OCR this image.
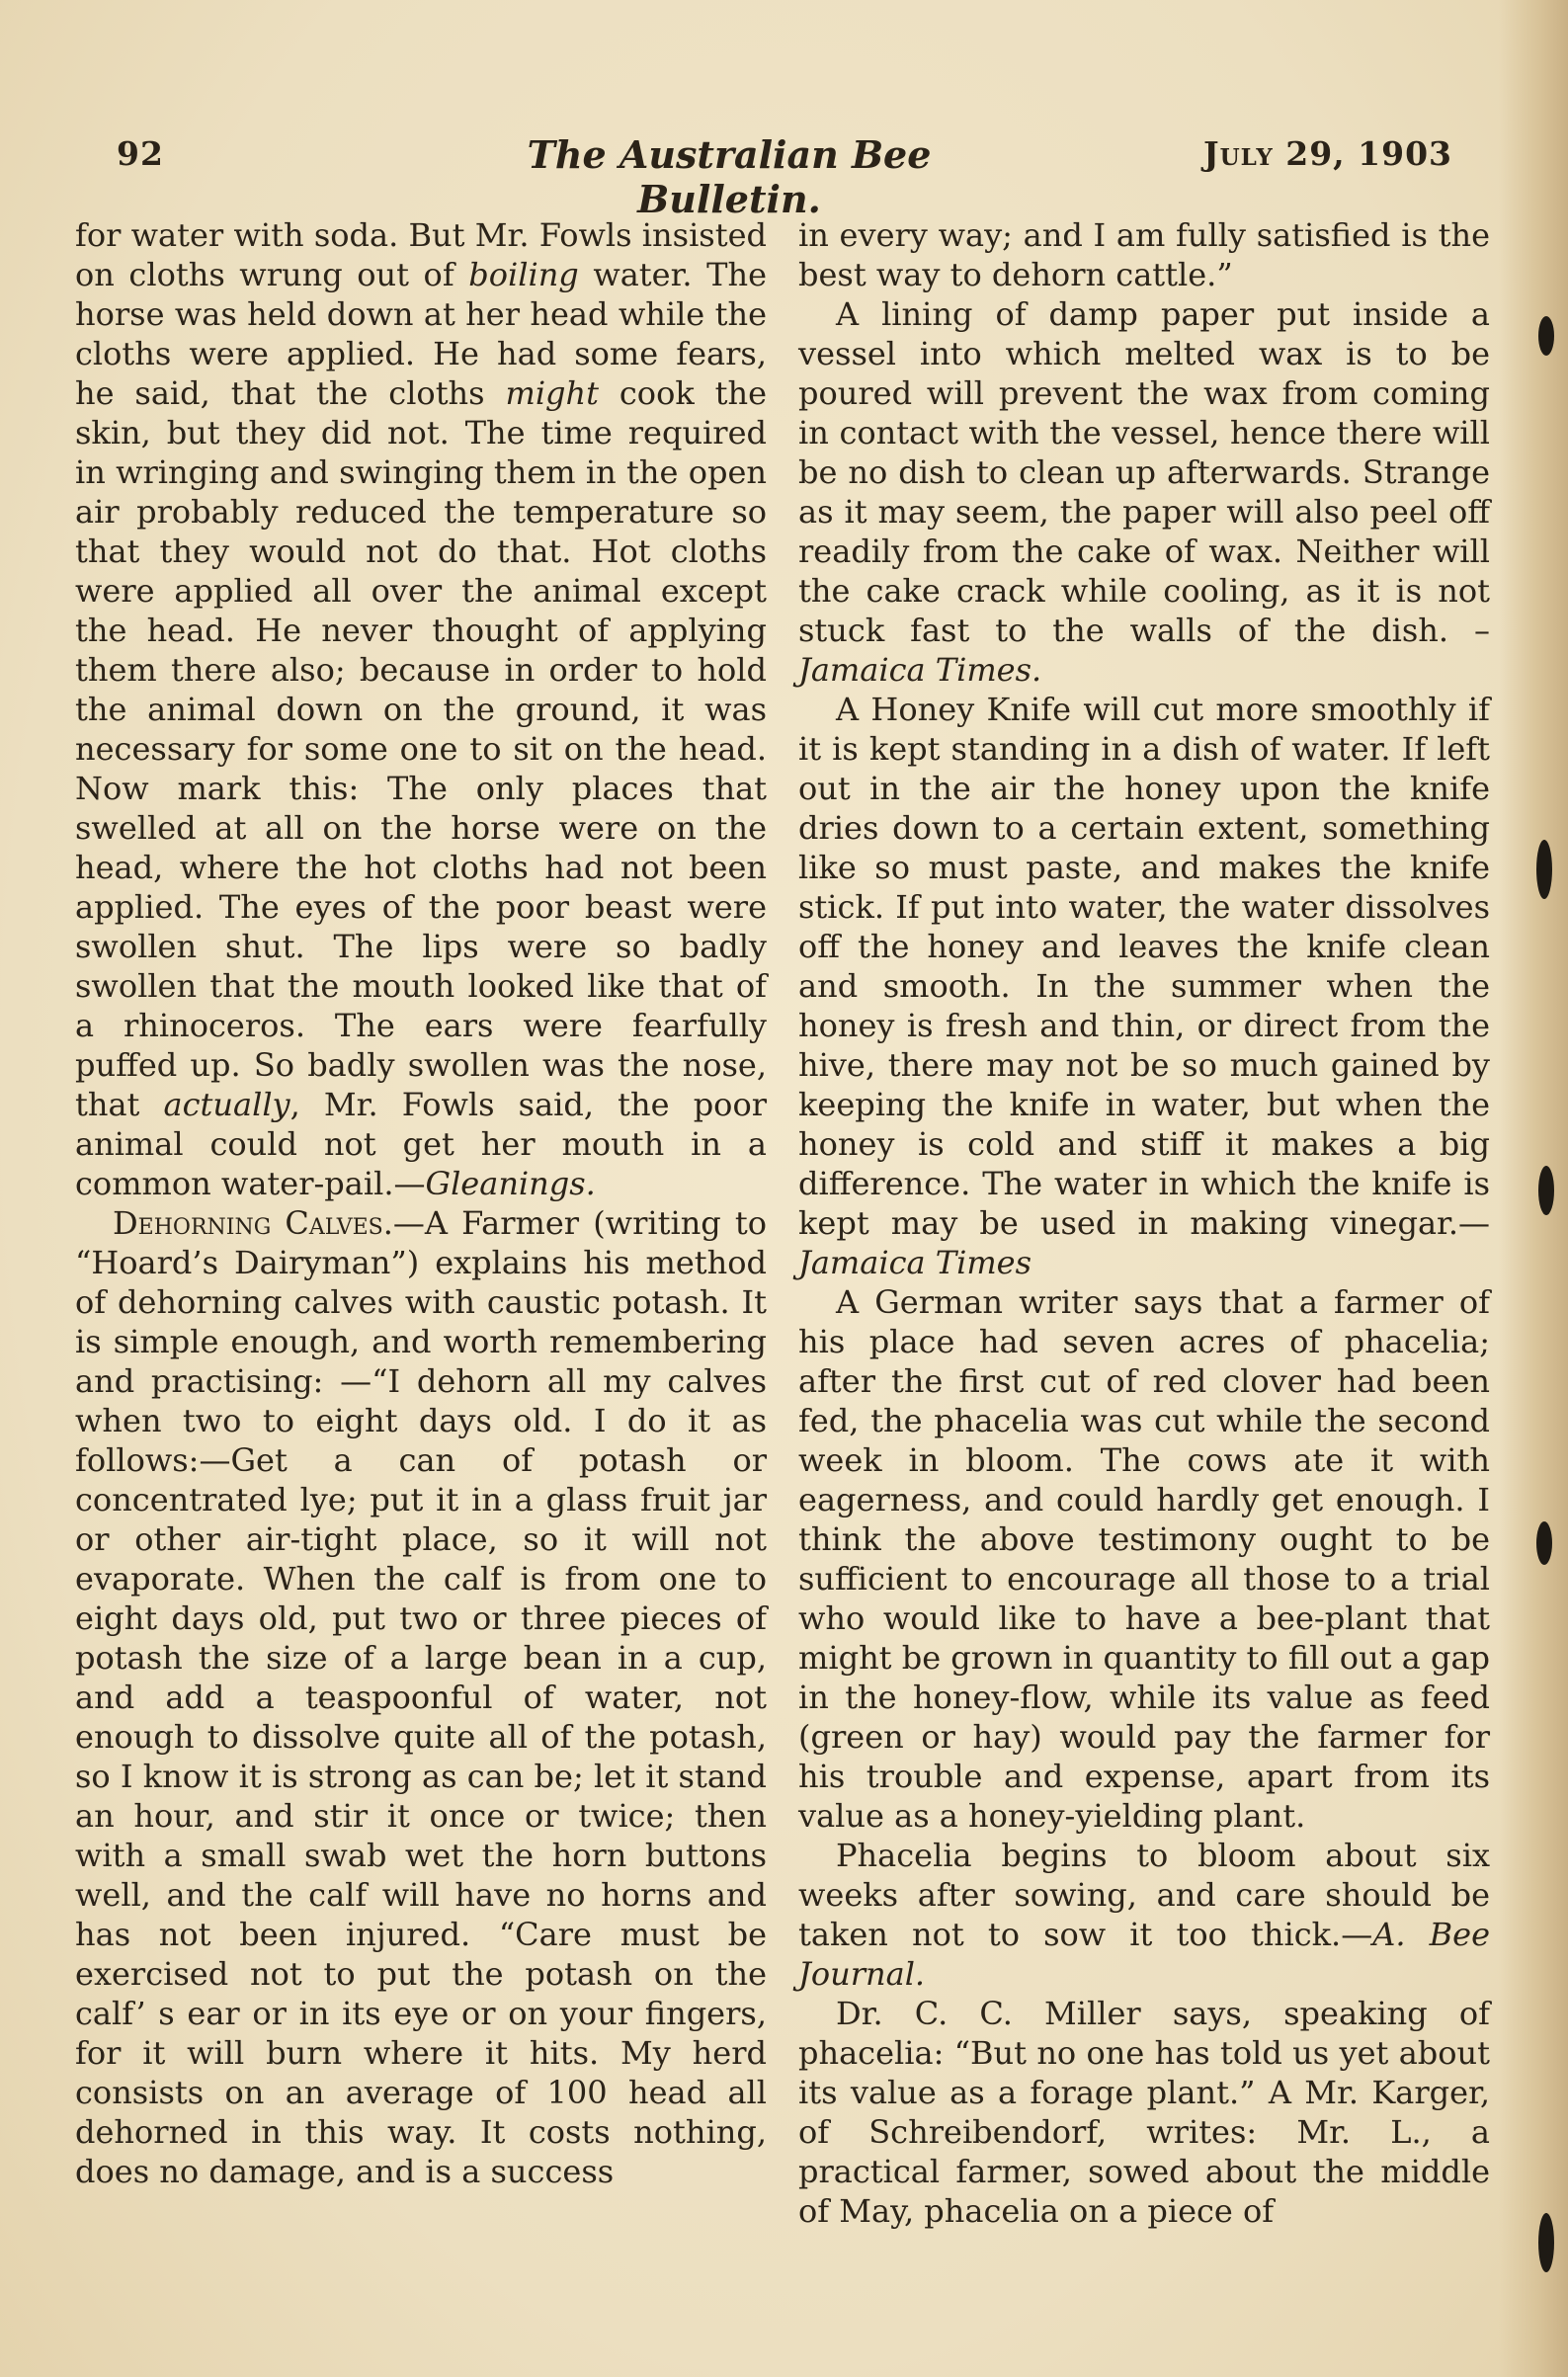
92	The Australian Bee Bulletin.
July 29, 1903

for water with soda. But Mr. Fowls insisted on cloths wrung out of boiling water. The horse was held down at her head while the cloths were applied. He had some fears, he said, that the cloths might cook the skin, but they did not. The time required in wringing and swinging them in the open air probably reduced the temperature so that they would not do that. Hot cloths were applied all over the animal except the head. He never thought of applying them there also; because in order to hold the animal down on the ground, it was necessary for some one to sit on the head. Now mark this: The only places that swelled at all on the horse were on the head, where the hot cloths had not been applied. The eyes of the poor beast were swollen shut. The lips were so badly swollen that the mouth looked like that of a rhinoceros. The ears were fearfully puffed up. So badly swollen was the nose, that actually, Mr. Fowls said, the poor animal could not get her mouth in a common water-pail.—Gleanings.

Dehorning Calves.—A Farmer (writing to “Hoard’s Dairyman”) explains his method of dehorning calves with caustic potash. It is simple enough, and worth remembering and practising: —“I dehorn all my calves when two to eight days old. I do it as follows:—Get a can of potash or concentrated lye; put it in a glass fruit jar or other air-tight place, so it will not evaporate. When the calf is from one to eight days old, put two or three pieces of potash the size of a large bean in a cup, and add a teaspoonful of water, not enough to dissolve quite all of the potash, so I know it is strong as can be; let it stand an hour, and stir it once or twice; then with a small swab wet the horn buttons well, and the calf will have no horns and has not been injured. “Care must be exercised not to put the potash on the calf’ s ear or in its eye or on your fingers, for it will burn where it hits. My herd consists on an average of 100 head all dehorned in this way. It costs nothing, does no damage, and is a success

in every way; and I am fully satisfied is the best way to dehorn cattle.”

A lining of damp paper put inside a vessel into which melted wax is to be poured will prevent the wax from coming in contact with the vessel, hence there will be no dish to clean up afterwards. Strange as it may seem, the paper will also peel off readily from the cake of wax. Neither will the cake crack while cooling, as it is not stuck fast to the walls of the dish. –Jamaica Times.

A Honey Knife will cut more smoothly if it is kept standing in a dish of water. If left out in the air the honey upon the knife dries down to a certain extent, something like so must paste, and makes the knife stick. If put into water, the water dissolves off the honey and leaves the knife clean and smooth. In the summer when the honey is fresh and thin, or direct from the hive, there may not be so much gained by keeping the knife in water, but when the honey is cold and stiff it makes a big difference. The water in which the knife is kept may be used in making vinegar.—Jamaica Times

A German writer says that a farmer of his place had seven acres of phacelia; after the first cut of red clover had been fed, the phacelia was cut while the second week in bloom. The cows ate it with eagerness, and could hardly get enough. I think the above testimony ought to be sufficient to encourage all those to a trial who would like to have a bee-plant that might be grown in quantity to fill out a gap in the honey-flow, while its value as feed (green or hay) would pay the farmer for his trouble and expense, apart from its value as a honey-yielding plant.

Phacelia begins to bloom about six weeks after sowing, and care should be taken not to sow it too thick.—A. Bee Journal.

Dr. C. C. Miller says, speaking of phacelia: “But no one has told us yet about its value as a forage plant.” A Mr. Karger, of Schreibendorf, writes: Mr. L., a practical farmer, sowed about the middle of May, phacelia on a piece of
